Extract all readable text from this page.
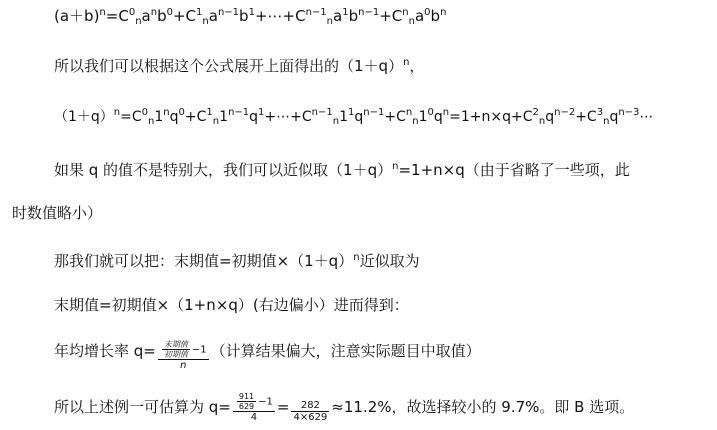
$(a+b)^n=C^0_na^nb^0+C^1_na^{n-1}b^1+\cdots+C^{n-1}_na^1b^{n-1}+C^n_na^0b^n$
所以我们可以根据这个公式展开上面得出的$(1+q)^n$，
$(1+q)^n=C^0_n1^nq^0+C^1_n1^{n-1}q^1+\cdots+C^{n-1}_n1^1q^{n-1}+C^n_n1^0q^n=1+n\times q+C^2_nq^{n-2}+C^3_nq^{n-3}\cdots$
如果 q 的值不是特别大，我们可以近似取$(1+q)^n=1+n\times q$（由于省略了一些项，此
时数值略小）
那我们就可以把：末期值=初期值$\times(1+q)^n$近似取为
末期值=初期值×（1+n×q）(右边偏小）进而得到：
年均增长率 $q= \frac{\frac{\text{末期值}}{\text{初期值}} -1}{n}$ （计算结果偏大，注意实际题目中取值）
所以上述例一可估算为 $q= \frac{\frac{911}{629} -1}{4} = \frac{282}{4\times 629} \approx 11.2\%$，故选择较小的 9.7%。即 B 选项。
